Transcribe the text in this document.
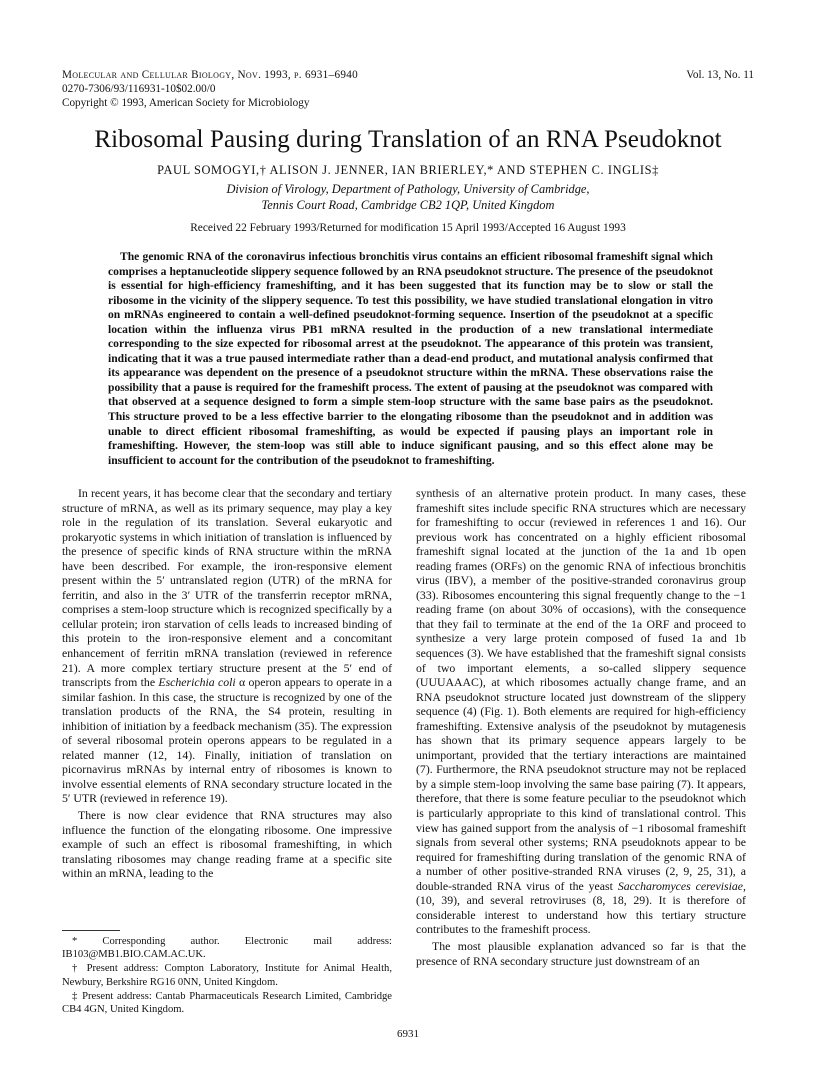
Molecular and Cellular Biology, Nov. 1993, p. 6931–6940
0270-7306/93/116931-10$02.00/0
Copyright © 1993, American Society for Microbiology
Vol. 13, No. 11
Ribosomal Pausing during Translation of an RNA Pseudoknot
PAUL SOMOGYI,† ALISON J. JENNER, IAN BRIERLEY,* AND STEPHEN C. INGLIS‡
Division of Virology, Department of Pathology, University of Cambridge,
Tennis Court Road, Cambridge CB2 1QP, United Kingdom
Received 22 February 1993/Returned for modification 15 April 1993/Accepted 16 August 1993
The genomic RNA of the coronavirus infectious bronchitis virus contains an efficient ribosomal frameshift signal which comprises a heptanucleotide slippery sequence followed by an RNA pseudoknot structure. The presence of the pseudoknot is essential for high-efficiency frameshifting, and it has been suggested that its function may be to slow or stall the ribosome in the vicinity of the slippery sequence. To test this possibility, we have studied translational elongation in vitro on mRNAs engineered to contain a well-defined pseudoknot-forming sequence. Insertion of the pseudoknot at a specific location within the influenza virus PB1 mRNA resulted in the production of a new translational intermediate corresponding to the size expected for ribosomal arrest at the pseudoknot. The appearance of this protein was transient, indicating that it was a true paused intermediate rather than a dead-end product, and mutational analysis confirmed that its appearance was dependent on the presence of a pseudoknot structure within the mRNA. These observations raise the possibility that a pause is required for the frameshift process. The extent of pausing at the pseudoknot was compared with that observed at a sequence designed to form a simple stem-loop structure with the same base pairs as the pseudoknot. This structure proved to be a less effective barrier to the elongating ribosome than the pseudoknot and in addition was unable to direct efficient ribosomal frameshifting, as would be expected if pausing plays an important role in frameshifting. However, the stem-loop was still able to induce significant pausing, and so this effect alone may be insufficient to account for the contribution of the pseudoknot to frameshifting.

In recent years, it has become clear that the secondary and tertiary structure of mRNA, as well as its primary sequence, may play a key role in the regulation of its translation. Several eukaryotic and prokaryotic systems in which initiation of translation is influenced by the presence of specific kinds of RNA structure within the mRNA have been described. For example, the iron-responsive element present within the 5′ untranslated region (UTR) of the mRNA for ferritin, and also in the 3′ UTR of the transferrin receptor mRNA, comprises a stem-loop structure which is recognized specifically by a cellular protein; iron starvation of cells leads to increased binding of this protein to the iron-responsive element and a concomitant enhancement of ferritin mRNA translation (reviewed in reference 21). A more complex tertiary structure present at the 5′ end of transcripts from the Escherichia coli α operon appears to operate in a similar fashion. In this case, the structure is recognized by one of the translation products of the RNA, the S4 protein, resulting in inhibition of initiation by a feedback mechanism (35). The expression of several ribosomal protein operons appears to be regulated in a related manner (12, 14). Finally, initiation of translation on picornavirus mRNAs by internal entry of ribosomes is known to involve essential elements of RNA secondary structure located in the 5′ UTR (reviewed in reference 19).

There is now clear evidence that RNA structures may also influence the function of the elongating ribosome. One impressive example of such an effect is ribosomal frameshifting, in which translating ribosomes may change reading frame at a specific site within an mRNA, leading to the

* Corresponding author. Electronic mail address: IB103@MB1.BIO.CAM.AC.UK.

† Present address: Compton Laboratory, Institute for Animal Health, Newbury, Berkshire RG16 0NN, United Kingdom.

‡ Present address: Cantab Pharmaceuticals Research Limited, Cambridge CB4 4GN, United Kingdom.

synthesis of an alternative protein product. In many cases, these frameshift sites include specific RNA structures which are necessary for frameshifting to occur (reviewed in references 1 and 16). Our previous work has concentrated on a highly efficient ribosomal frameshift signal located at the junction of the 1a and 1b open reading frames (ORFs) on the genomic RNA of infectious bronchitis virus (IBV), a member of the positive-stranded coronavirus group (33). Ribosomes encountering this signal frequently change to the −1 reading frame (on about 30% of occasions), with the consequence that they fail to terminate at the end of the 1a ORF and proceed to synthesize a very large protein composed of fused 1a and 1b sequences (3). We have established that the frameshift signal consists of two important elements, a so-called slippery sequence (UUUAAAC), at which ribosomes actually change frame, and an RNA pseudoknot structure located just downstream of the slippery sequence (4) (Fig. 1). Both elements are required for high-efficiency frameshifting. Extensive analysis of the pseudoknot by mutagenesis has shown that its primary sequence appears largely to be unimportant, provided that the tertiary interactions are maintained (7). Furthermore, the RNA pseudoknot structure may not be replaced by a simple stem-loop involving the same base pairing (7). It appears, therefore, that there is some feature peculiar to the pseudoknot which is particularly appropriate to this kind of translational control. This view has gained support from the analysis of −1 ribosomal frameshift signals from several other systems; RNA pseudoknots appear to be required for frameshifting during translation of the genomic RNA of a number of other positive-stranded RNA viruses (2, 9, 25, 31), a double-stranded RNA virus of the yeast Saccharomyces cerevisiae, (10, 39), and several retroviruses (8, 18, 29). It is therefore of considerable interest to understand how this tertiary structure contributes to the frameshift process.

The most plausible explanation advanced so far is that the presence of RNA secondary structure just downstream of an

6931
